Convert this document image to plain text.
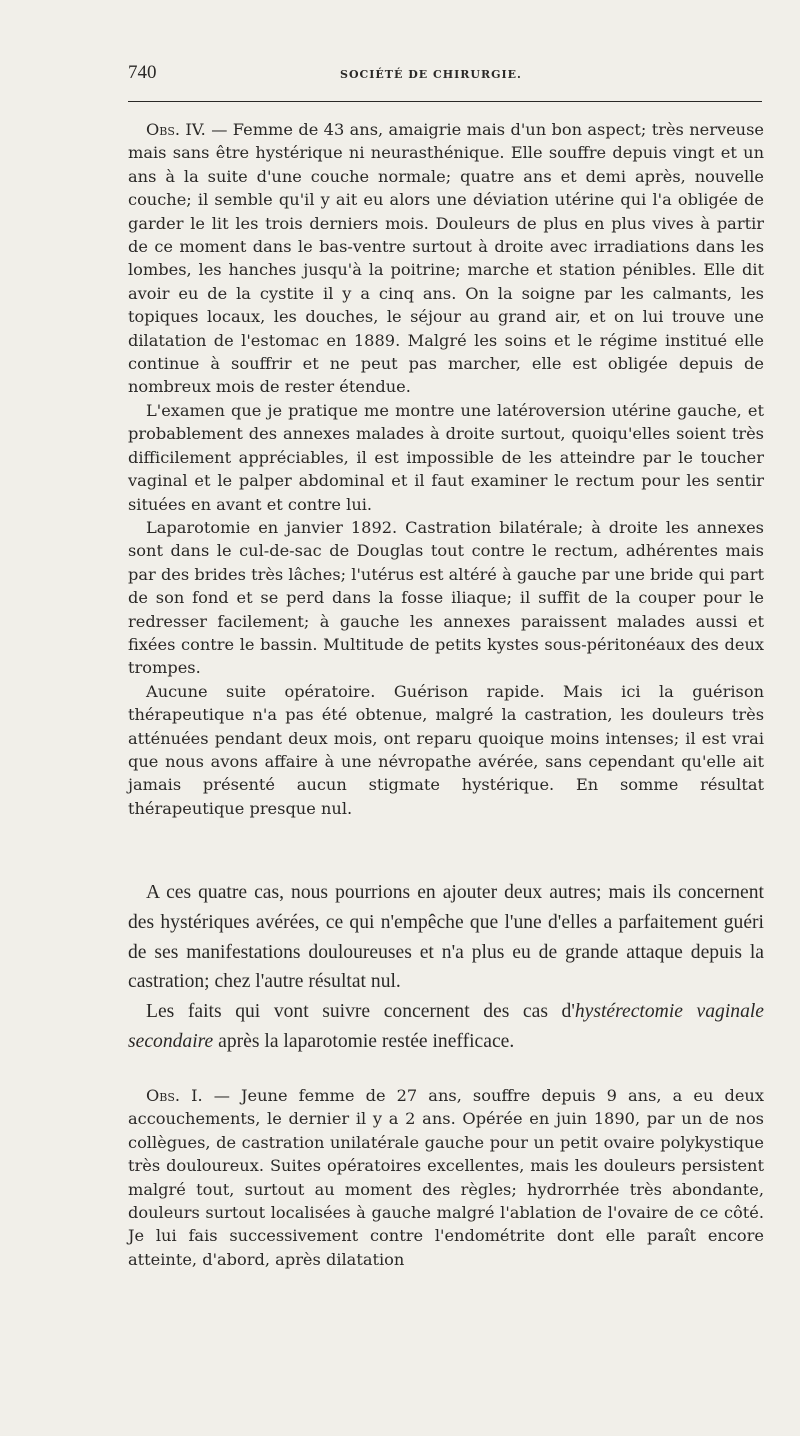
740	SOCIÉTÉ DE CHIRURGIE.

Obs. IV. — Femme de 43 ans, amaigrie mais d'un bon aspect; très nerveuse mais sans être hystérique ni neurasthénique. Elle souffre depuis vingt et un ans à la suite d'une couche normale; quatre ans et demi après, nouvelle couche; il semble qu'il y ait eu alors une déviation utérine qui l'a obligée de garder le lit les trois derniers mois. Douleurs de plus en plus vives à partir de ce moment dans le bas-ventre surtout à droite avec irradiations dans les lombes, les hanches jusqu'à la poitrine; marche et station pénibles. Elle dit avoir eu de la cystite il y a cinq ans. On la soigne par les calmants, les topiques locaux, les douches, le séjour au grand air, et on lui trouve une dilatation de l'estomac en 1889. Malgré les soins et le régime institué elle continue à souffrir et ne peut pas marcher, elle est obligée depuis de nombreux mois de rester étendue.

L'examen que je pratique me montre une latéroversion utérine gauche, et probablement des annexes malades à droite surtout, quoiqu'elles soient très difficilement appréciables, il est impossible de les atteindre par le toucher vaginal et le palper abdominal et il faut examiner le rectum pour les sentir situées en avant et contre lui.

Laparotomie en janvier 1892. Castration bilatérale; à droite les annexes sont dans le cul-de-sac de Douglas tout contre le rectum, adhérentes mais par des brides très lâches; l'utérus est altéré à gauche par une bride qui part de son fond et se perd dans la fosse iliaque; il suffit de la couper pour le redresser facilement; à gauche les annexes paraissent malades aussi et fixées contre le bassin. Multitude de petits kystes sous-péritonéaux des deux trompes.

Aucune suite opératoire. Guérison rapide. Mais ici la guérison thérapeutique n'a pas été obtenue, malgré la castration, les douleurs très atténuées pendant deux mois, ont reparu quoique moins intenses; il est vrai que nous avons affaire à une névropathe avérée, sans cependant qu'elle ait jamais présenté aucun stigmate hystérique. En somme résultat thérapeutique presque nul.

A ces quatre cas, nous pourrions en ajouter deux autres; mais ils concernent des hystériques avérées, ce qui n'empêche que l'une d'elles a parfaitement guéri de ses manifestations douloureuses et n'a plus eu de grande attaque depuis la castration; chez l'autre résultat nul.

Les faits qui vont suivre concernent des cas d'hystérectomie vaginale secondaire après la laparotomie restée inefficace.

Obs. I. — Jeune femme de 27 ans, souffre depuis 9 ans, a eu deux accouchements, le dernier il y a 2 ans. Opérée en juin 1890, par un de nos collègues, de castration unilatérale gauche pour un petit ovaire polykystique très douloureux. Suites opératoires excellentes, mais les douleurs persistent malgré tout, surtout au moment des règles; hydrorrhée très abondante, douleurs surtout localisées à gauche malgré l'ablation de l'ovaire de ce côté. Je lui fais successivement contre l'endométrite dont elle paraît encore atteinte, d'abord, après dilatation
